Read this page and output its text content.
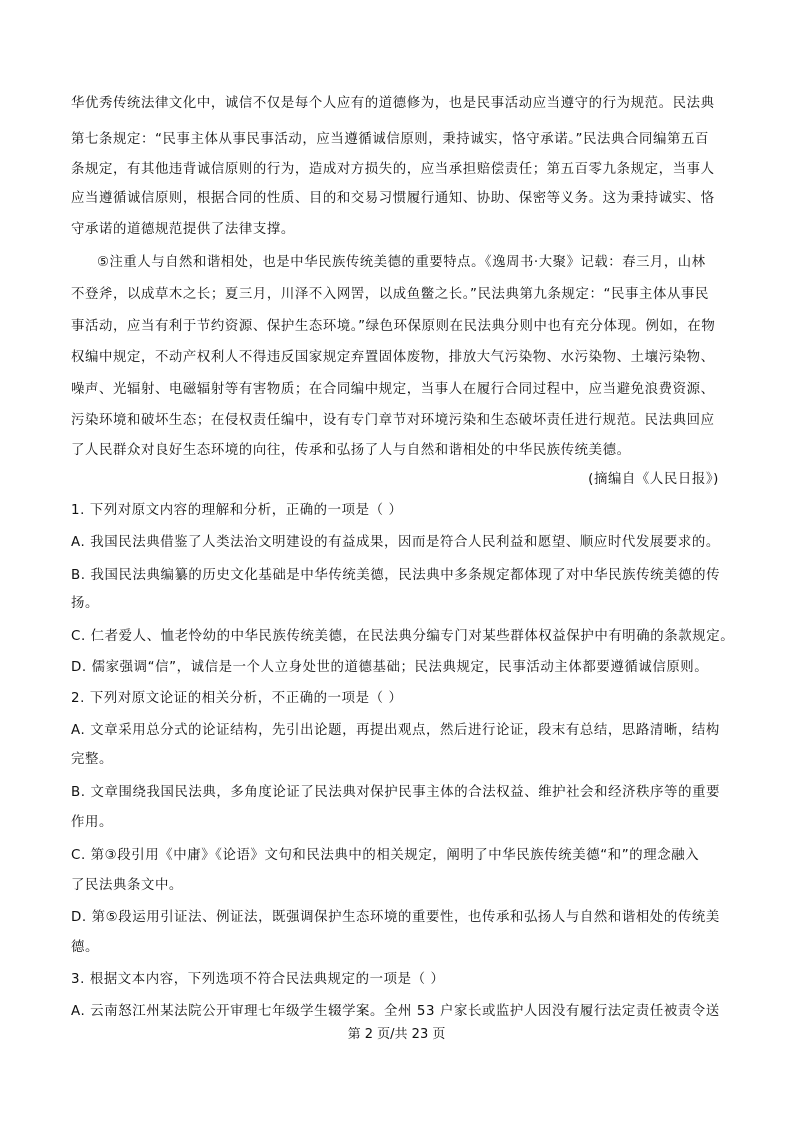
华优秀传统法律文化中，诚信不仅是每个人应有的道德修为，也是民事活动应当遵守的行为规范。民法典
第七条规定：“民事主体从事民事活动，应当遵循诚信原则，秉持诚实，恪守承诺。”民法典合同编第五百
条规定，有其他违背诚信原则的行为，造成对方损失的，应当承担赔偿责任；第五百零九条规定，当事人
应当遵循诚信原则，根据合同的性质、目的和交易习惯履行通知、协助、保密等义务。这为秉持诚实、恪
守承诺的道德规范提供了法律支撑。
⑤注重人与自然和谐相处，也是中华民族传统美德的重要特点。《逸周书·大聚》记载：春三月，山林
不登斧，以成草木之长；夏三月，川泽不入网罟，以成鱼鳖之长。”民法典第九条规定：“民事主体从事民
事活动，应当有利于节约资源、保护生态环境。”绿色环保原则在民法典分则中也有充分体现。例如，在物
权编中规定，不动产权利人不得违反国家规定弃置固体废物，排放大气污染物、水污染物、土壤污染物、
噪声、光辐射、电磁辐射等有害物质；在合同编中规定，当事人在履行合同过程中，应当避免浪费资源、
污染环境和破坏生态；在侵权责任编中，设有专门章节对环境污染和生态破坏责任进行规范。民法典回应
了人民群众对良好生态环境的向往，传承和弘扬了人与自然和谐相处的中华民族传统美德。
(摘编自《人民日报》)
1. 下列对原文内容的理解和分析，正确的一项是（ ）
A. 我国民法典借鉴了人类法治文明建设的有益成果，因而是符合人民利益和愿望、顺应时代发展要求的。
B. 我国民法典编纂的历史文化基础是中华传统美德，民法典中多条规定都体现了对中华民族传统美德的传
扬。
C. 仁者爱人、恤老怜幼的中华民族传统美德，在民法典分编专门对某些群体权益保护中有明确的条款规定。
D. 儒家强调“信”，诚信是一个人立身处世的道德基础；民法典规定，民事活动主体都要遵循诚信原则。
2. 下列对原文论证的相关分析，不正确的一项是（ ）
A. 文章采用总分式的论证结构，先引出论题，再提出观点，然后进行论证，段末有总结，思路清晰，结构
完整。
B. 文章围绕我国民法典，多角度论证了民法典对保护民事主体的合法权益、维护社会和经济秩序等的重要
作用。
C. 第③段引用《中庸》《论语》文句和民法典中的相关规定，阐明了中华民族传统美德“和”的理念融入
了民法典条文中。
D. 第⑤段运用引证法、例证法，既强调保护生态环境的重要性，也传承和弘扬人与自然和谐相处的传统美
德。
3. 根据文本内容，下列选项不符合民法典规定的一项是（ ）
A. 云南怒江州某法院公开审理七年级学生辍学案。全州 53 户家长或监护人因没有履行法定责任被责令送
第 2 页/共 23 页
